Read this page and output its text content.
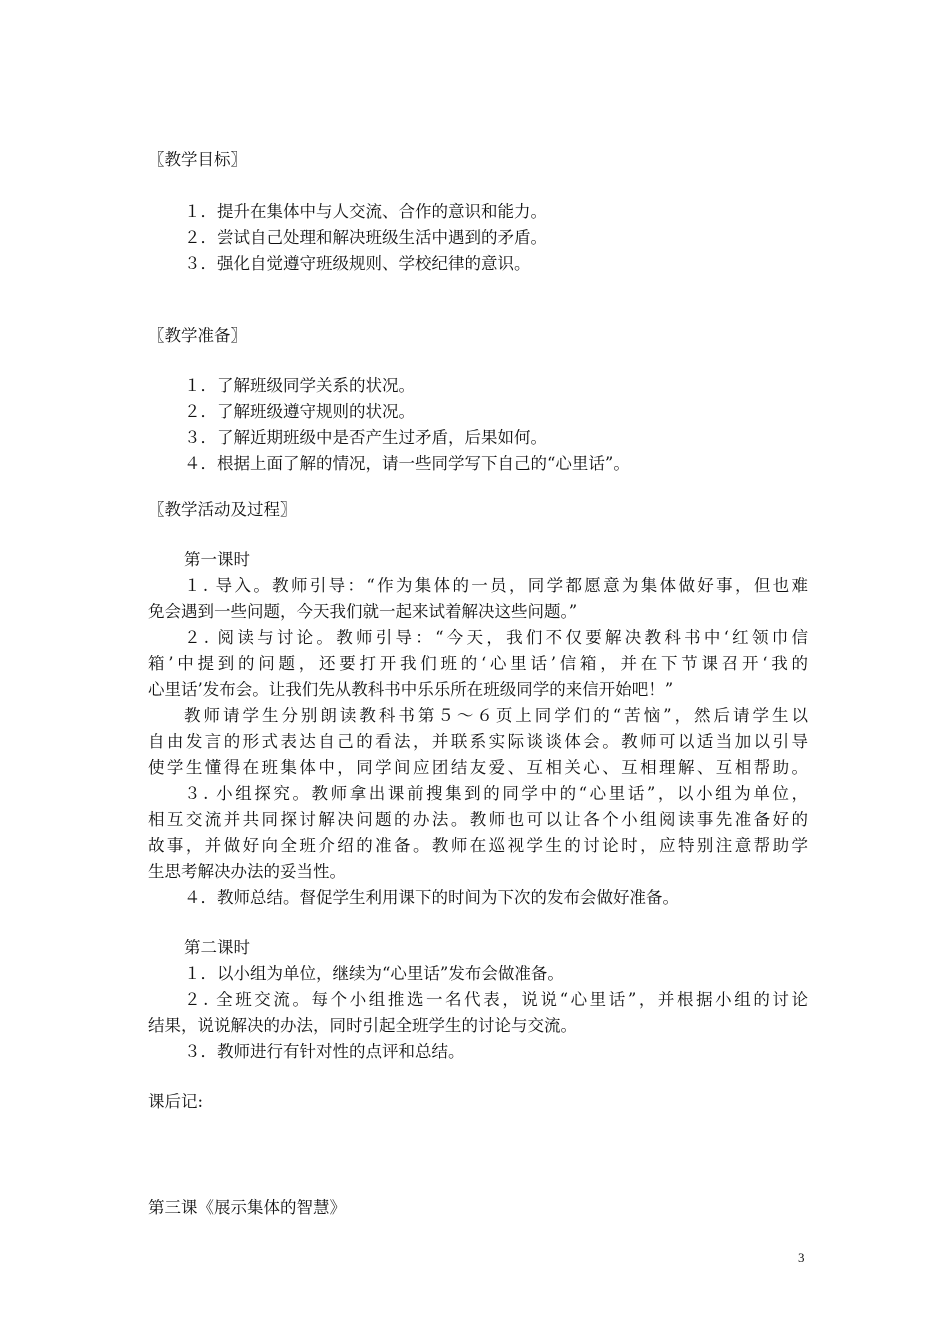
〖教学目标〗
１．提升在集体中与人交流、合作的意识和能力。
２．尝试自己处理和解决班级生活中遇到的矛盾。
３．强化自觉遵守班级规则、学校纪律的意识。
〖教学准备〗
１．了解班级同学关系的状况。
２．了解班级遵守规则的状况。
３．了解近期班级中是否产生过矛盾，后果如何。
４．根据上面了解的情况，请一些同学写下自己的“心里话”。
〖教学活动及过程〗
第一课时
１. 导入。教师引导：“作为集体的一员，同学都愿意为集体做好事，但也难
免会遇到一些问题，今天我们就一起来试着解决这些问题。”
２. 阅读与讨论。教师引导：“今天，我们不仅要解决教科书中‘红领巾信
箱’中提到的问题，还要打开我们班的‘心里话’信箱，并在下节课召开‘我的
心里话’发布会。让我们先从教科书中乐乐所在班级同学的来信开始吧！”
教师请学生分别朗读教科书第５～６页上同学们的“苦恼”，然后请学生以
自由发言的形式表达自己的看法，并联系实际谈谈体会。教师可以适当加以引导
使学生懂得在班集体中，同学间应团结友爱、互相关心、互相理解、互相帮助。
３. 小组探究。教师拿出课前搜集到的同学中的“心里话”，以小组为单位，
相互交流并共同探讨解决问题的办法。教师也可以让各个小组阅读事先准备好的
故事，并做好向全班介绍的准备。教师在巡视学生的讨论时，应特别注意帮助学
生思考解决办法的妥当性。
４．教师总结。督促学生利用课下的时间为下次的发布会做好准备。
第二课时
１．以小组为单位，继续为“心里话”发布会做准备。
２. 全班交流。每个小组推选一名代表，说说“心里话”，并根据小组的讨论
结果，说说解决的办法，同时引起全班学生的讨论与交流。
３．教师进行有针对性的点评和总结。
课后记:
第三课《展示集体的智慧》
3
